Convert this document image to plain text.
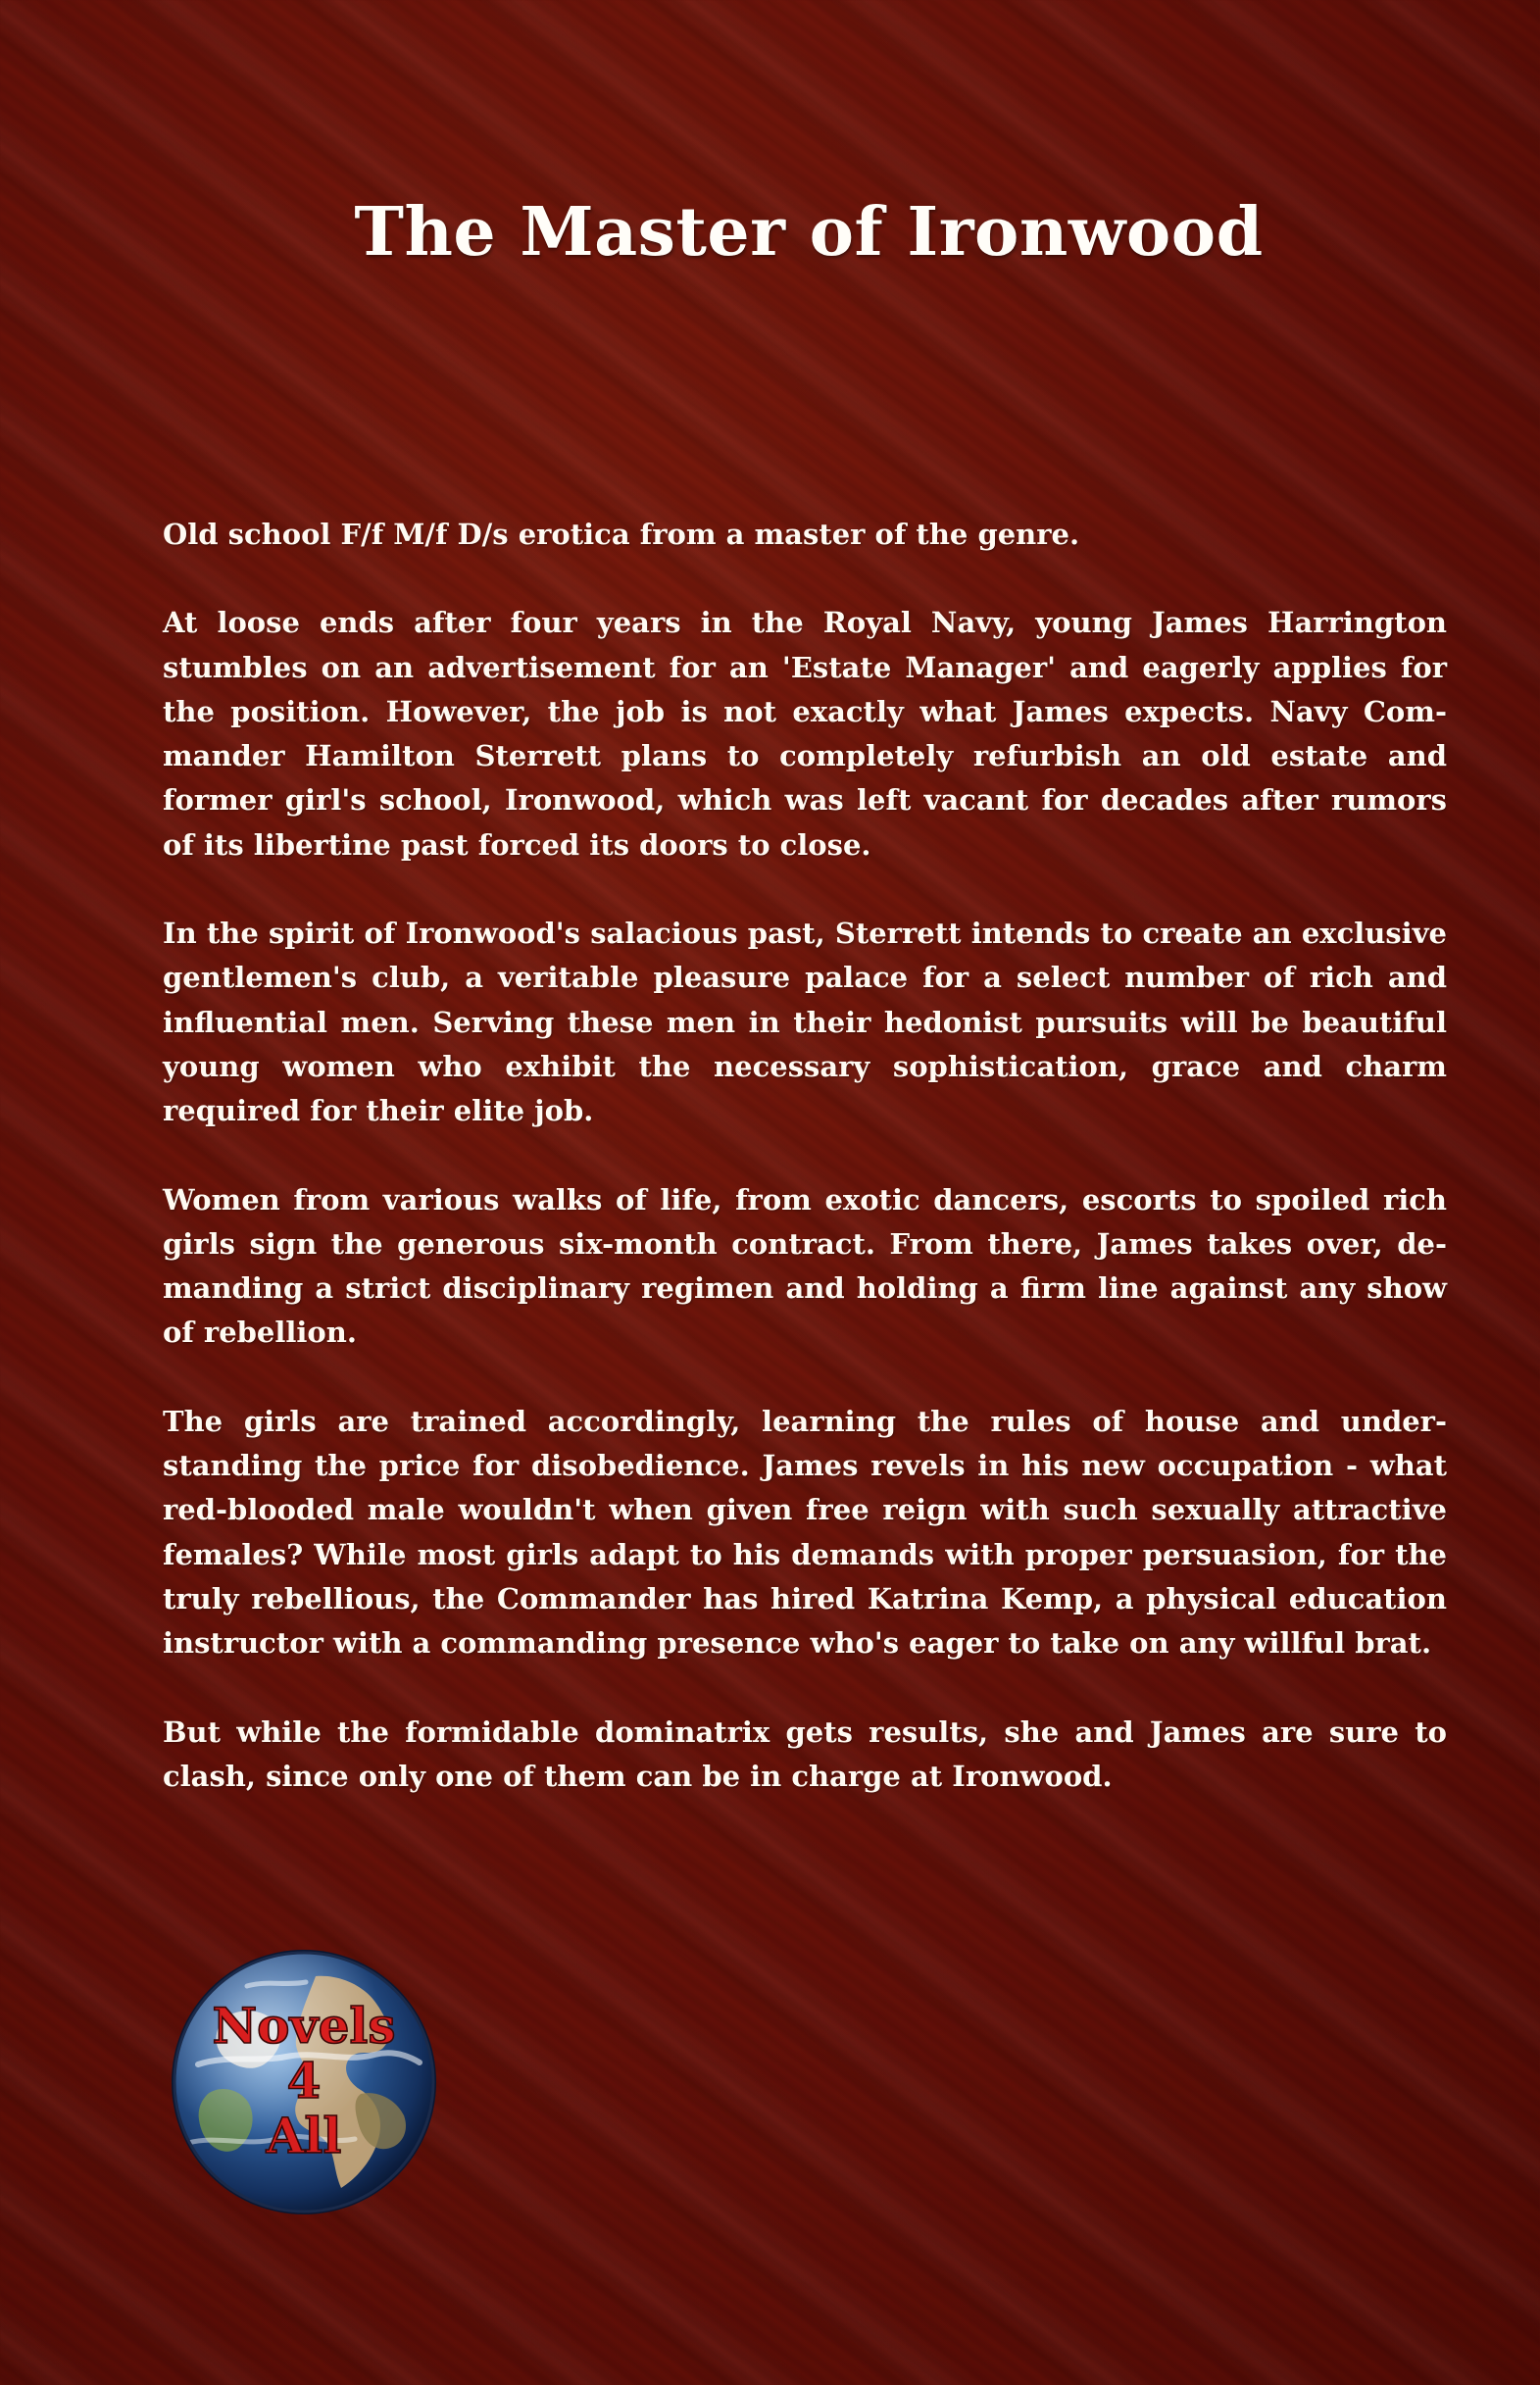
The Master of Ironwood

Old school F/f M/f D/s erotica from a master of the genre.

At loose ends after four years in the Royal Navy, young James Harrington stumbles on an advertisement for an 'Estate Manager' and eagerly applies for the position. However, the job is not exactly what James expects. Navy Commander Hamilton Sterrett plans to completely refurbish an old estate and former girl's school, Ironwood, which was left vacant for decades after rumors of its libertine past forced its doors to close.

In the spirit of Ironwood's salacious past, Sterrett intends to create an exclusive gentlemen's club, a veritable pleasure palace for a select number of rich and influential men. Serving these men in their hedonist pursuits will be beautiful young women who exhibit the necessary sophistication, grace and charm required for their elite job.

Women from various walks of life, from exotic dancers, escorts to spoiled rich girls sign the generous six-month contract. From there, James takes over, demanding a strict disciplinary regimen and holding a firm line against any show of rebellion.

The girls are trained accordingly, learning the rules of house and understanding the price for disobedience. James revels in his new occupation - what red-blooded male wouldn't when given free reign with such sexually attractive females? While most girls adapt to his demands with proper persuasion, for the truly rebellious, the Commander has hired Katrina Kemp, a physical education instructor with a commanding presence who's eager to take on any willful brat.

But while the formidable dominatrix gets results, she and James are sure to clash, since only one of them can be in charge at Ironwood.

Novels
4
All
